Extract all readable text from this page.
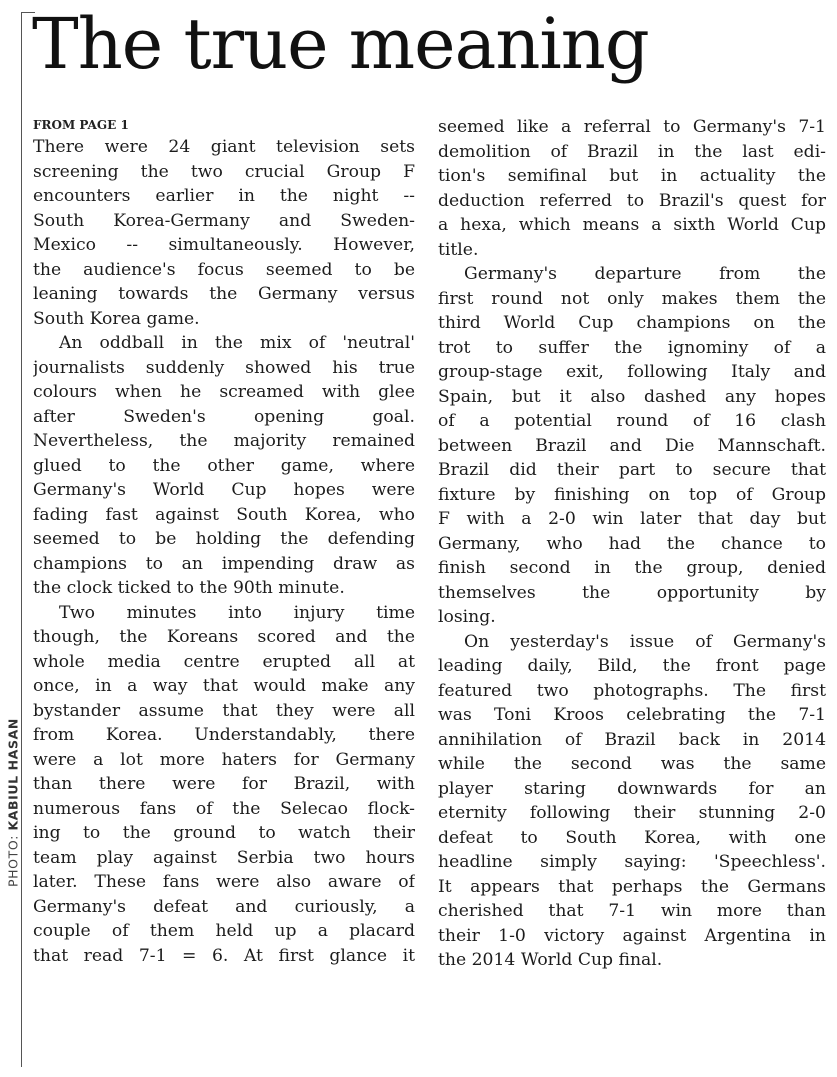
PHOTO: KABIUL HASAN
The true meaning
FROM PAGE 1
There were 24 giant television sets
screening the two crucial Group F
encounters earlier in the night --
South Korea-Germany and Sweden-
Mexico -- simultaneously. However,
the audience's focus seemed to be
leaning towards the Germany versus
South Korea game.
An oddball in the mix of 'neutral'
journalists suddenly showed his true
colours when he screamed with glee
after Sweden's opening goal.
Nevertheless, the majority remained
glued to the other game, where
Germany's World Cup hopes were
fading fast against South Korea, who
seemed to be holding the defending
champions to an impending draw as
the clock ticked to the 90th minute.
Two minutes into injury time
though, the Koreans scored and the
whole media centre erupted all at
once, in a way that would make any
bystander assume that they were all
from Korea. Understandably, there
were a lot more haters for Germany
than there were for Brazil, with
numerous fans of the Selecao flock-
ing to the ground to watch their
team play against Serbia two hours
later. These fans were also aware of
Germany's defeat and curiously, a
couple of them held up a placard
that read 7-1 = 6. At first glance it
seemed like a referral to Germany's 7-1
demolition of Brazil in the last edi-
tion's semifinal but in actuality the
deduction referred to Brazil's quest for
a hexa, which means a sixth World Cup
title.
Germany's departure from the
first round not only makes them the
third World Cup champions on the
trot to suffer the ignominy of a
group-stage exit, following Italy and
Spain, but it also dashed any hopes
of a potential round of 16 clash
between Brazil and Die Mannschaft.
Brazil did their part to secure that
fixture by finishing on top of Group
F with a 2-0 win later that day but
Germany, who had the chance to
finish second in the group, denied
themselves the opportunity by
losing.
On yesterday's issue of Germany's
leading daily, Bild, the front page
featured two photographs. The first
was Toni Kroos celebrating the 7-1
annihilation of Brazil back in 2014
while the second was the same
player staring downwards for an
eternity following their stunning 2-0
defeat to South Korea, with one
headline simply saying: 'Speechless'.
It appears that perhaps the Germans
cherished that 7-1 win more than
their 1-0 victory against Argentina in
the 2014 World Cup final.
